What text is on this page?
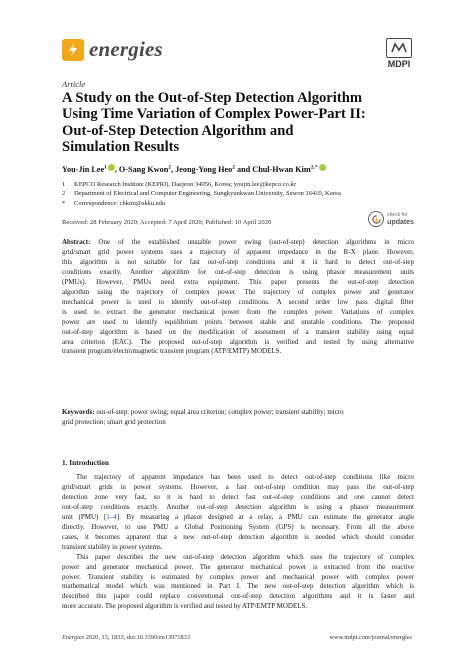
energies
MDPI
Article
A Study on the Out-of-Step Detection Algorithm
Using Time Variation of Complex Power-Part II:
Out-of-Step Detection Algorithm and
Simulation Results
You-Jin Lee$^1$ , O-Sang Kwon$^2$, Jeong-Yong Heo$^2$ and Chul-Hwan Kim$^{2,*}$
1	KEPCO Research Institute (KEPRI), Daejeon 34056, Korea; youjin.lee@kepco.co.kr
2	Department of Electrical and Computer Engineering, Sungkyunkwan University, Suwon 16410, Korea
*	Correspondence: chkim@skku.edu
Received: 28 February 2020; Accepted: 7 April 2020; Published: 10 April 2020
check for
updates
Abstract: One of the established unstable power swing (out-of-step) detection algorithms in micro
grid/smart grid power systems uses a trajectory of apparent impedance in the R-X plane. However,
this algorithm is not suitable for fast out-of-step conditions and it is hard to detect out-of-step
conditions exactly. Another algorithm for out-of-step detection is using phasor measurement units
(PMUs). However, PMUs need extra equipment. This paper presents the out-of-step detection
algorithm using the trajectory of complex power. The trajectory of complex power and generator
mechanical power is used to identify out-of-step conditions. A second order low pass digital filter
is used to extract the generator mechanical power from the complex power. Variations of complex
power are used to identify equilibrium points between stable and unstable conditions. The proposed
out-of-step algorithm is based on the modification of assessment of a transient stability using equal
area criterion (EAC). The proposed out-of-step algorithm is verified and tested by using alternative
transient program/electromagnetic transient program (ATP/EMTP) MODELS.
Keywords: out-of-step; power swing; equal area criterion; complex power; transient stability; micro
grid protection; smart grid protection
1. Introduction
The trajectory of apparent impedance has been used to detect out-of-step conditions like micro
grid/smart grids in power systems. However, a fast out-of-step condition may pass the out-of-step
detection zone very fast, so it is hard to detect fast out-of-step conditions and one cannot detect
out-of-step conditions exactly. Another out-of-step detection algorithm is using a phasor measurement
unit (PMU) [1–4]. By measuring a phasor designed at a relay, a PMU can estimate the generator angle
directly. However, to use PMU a Global Positioning System (GPS) is necessary. From all the above
cases, it becomes apparent that a new out-of-step detection algorithm is needed which should consider
transient stability in power systems.
This paper describes the new out-of-step detection algorithm which uses the trajectory of complex
power and generator mechanical power. The generator mechanical power is extracted from the reactive
power. Transient stability is estimated by complex power and mechanical power with complex power
mathematical model which was mentioned in Part I. The new out-of-step detection algorithm which is
described this paper could replace conventional out-of-step detection algorithms and it is faster and
more accurate. The proposed algorithm is verified and tested by ATP/EMTP MODELS.
Energies 2020, 13, 1833; doi:10.3390/en13071833	www.mdpi.com/journal/energies
